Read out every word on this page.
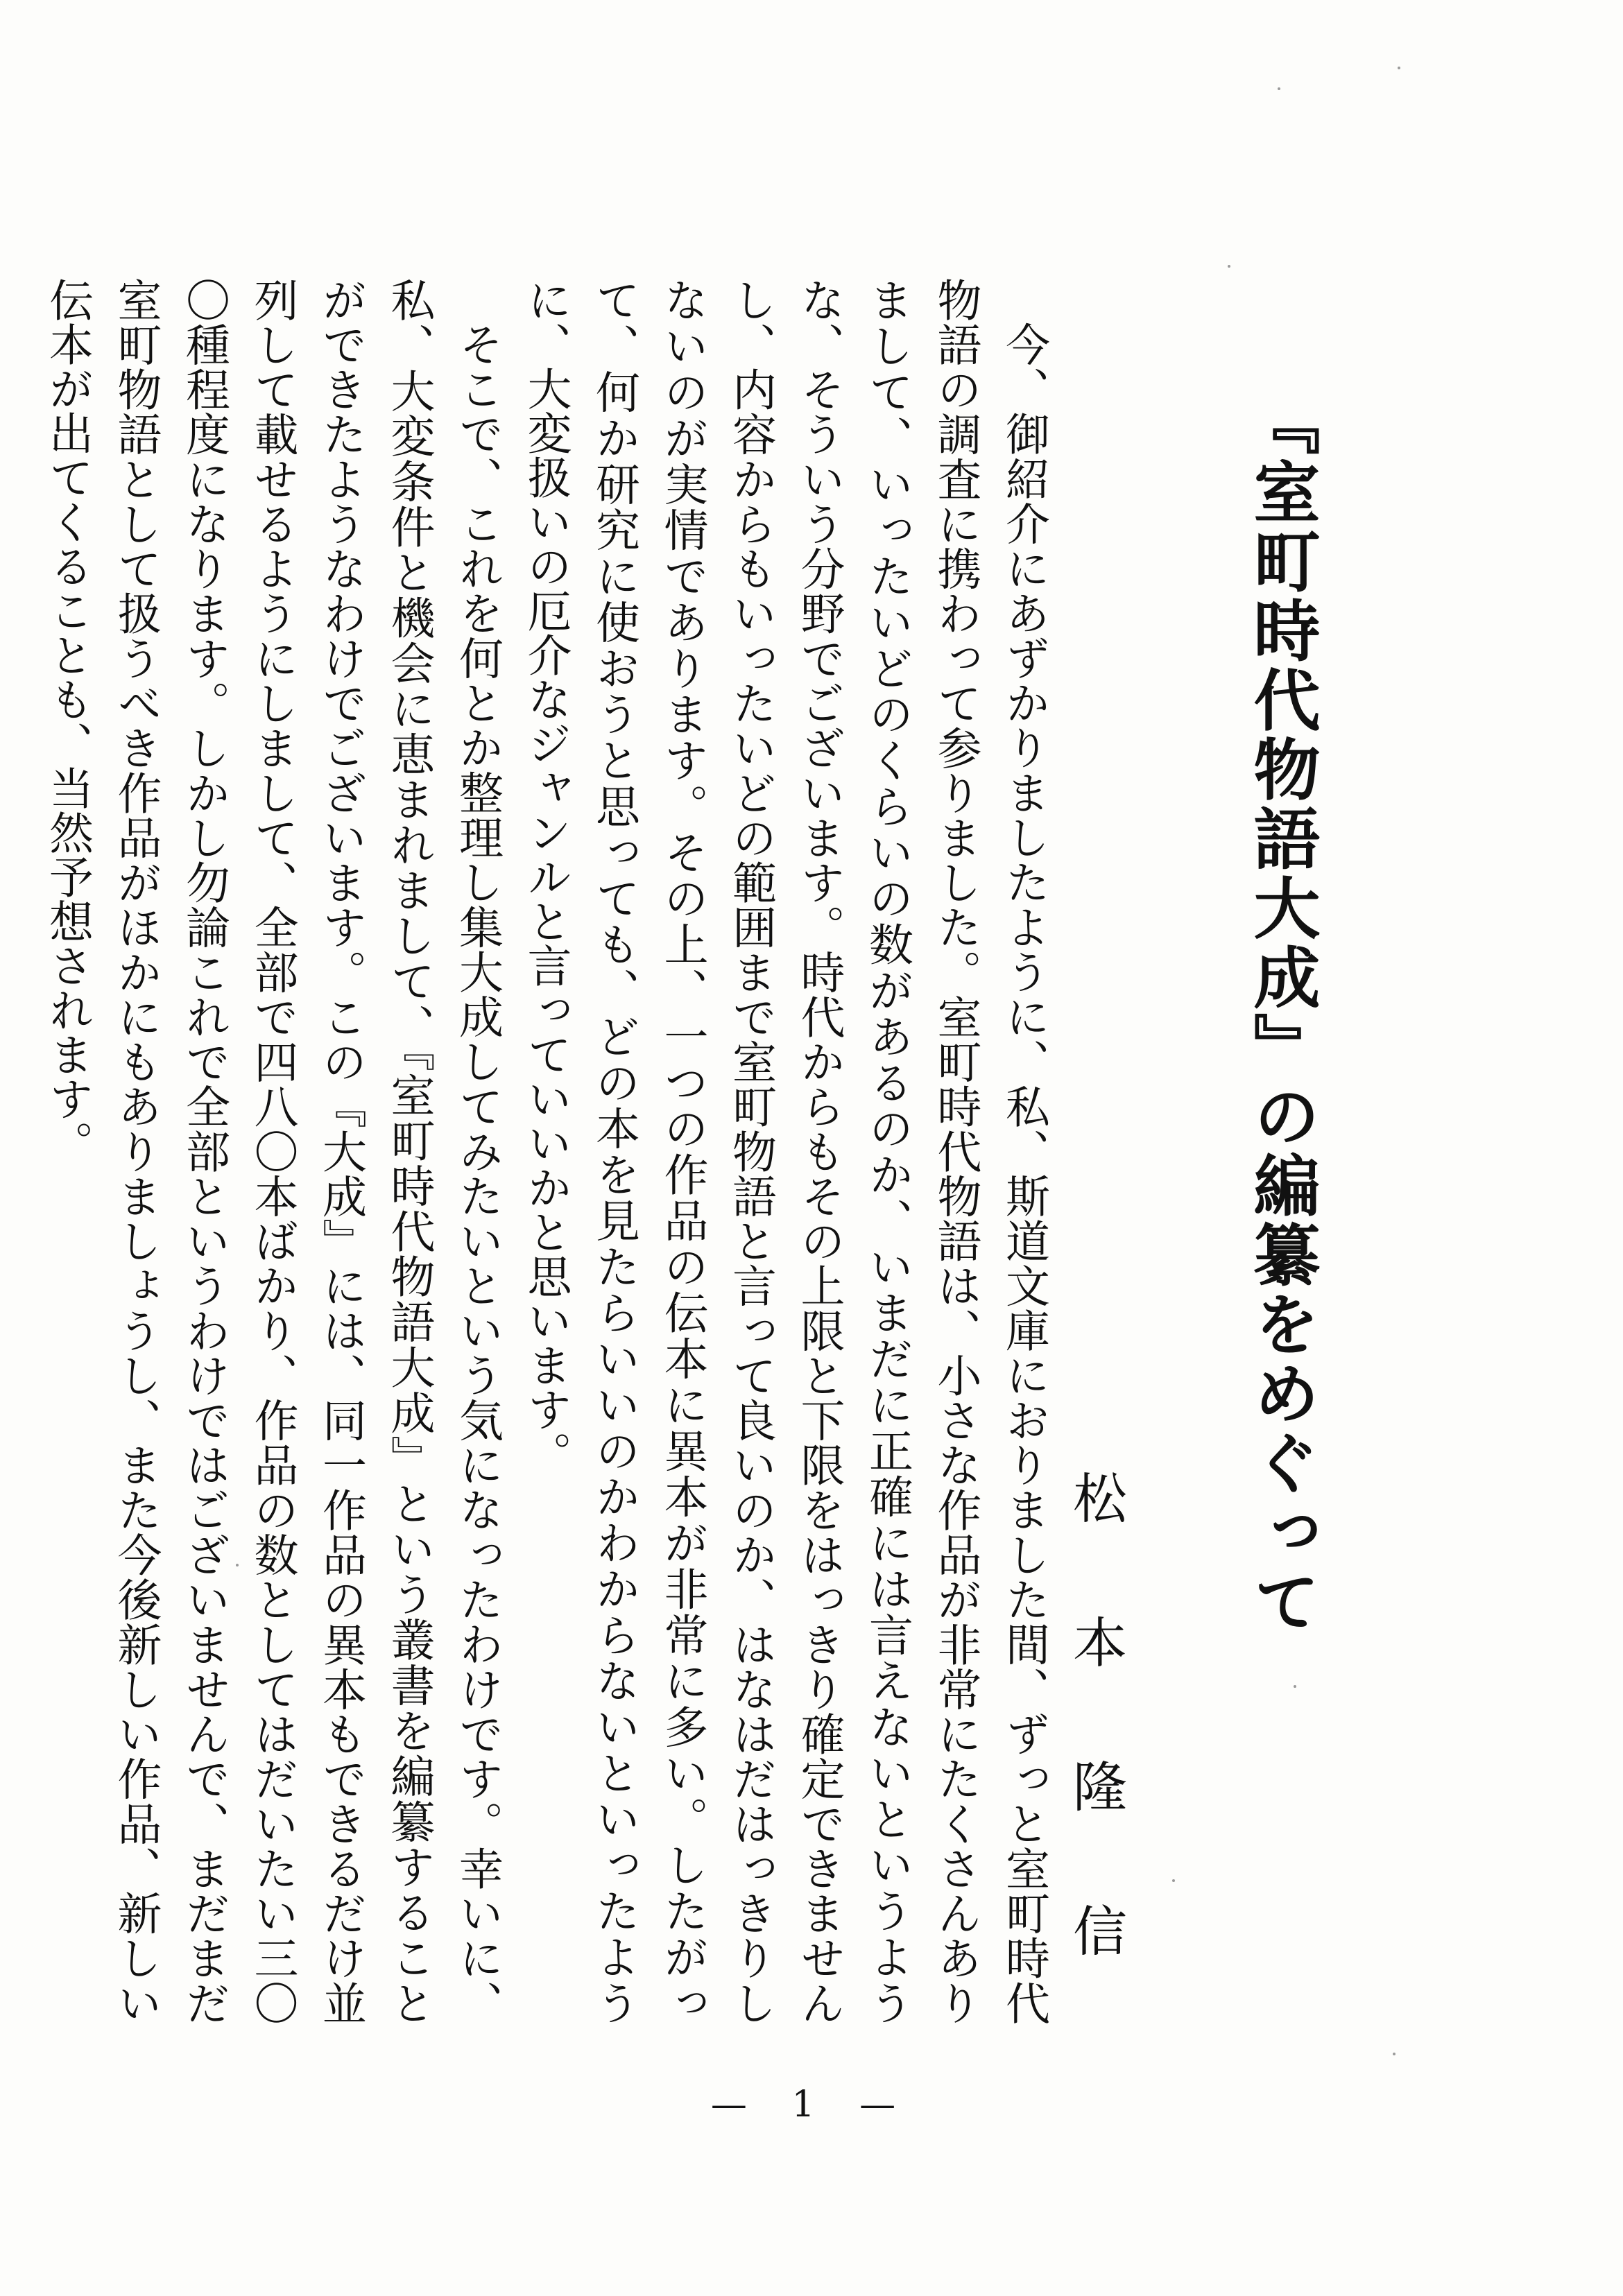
『室町時代物語大成』の編纂をめぐって
松本隆信

今、御紹介にあずかりましたように、私、斯道文庫におりました間、ずっと室町時代物語の調査に携わって参りました。室町時代物語は、小さな作品が非常にたくさんありまして、いったいどのくらいの数があるのか、いまだに正確には言えないというような、そういう分野でございます。時代からもその上限と下限をはっきり確定できませんし、内容からもいったいどの範囲まで室町物語と言って良いのか、はなはだはっきりしないのが実情であります。その上、一つの作品の伝本に異本が非常に多い。したがって、何か研究に使おうと思っても、どの本を見たらいいのかわからないといったように、大変扱いの厄介なジャンルと言っていいかと思います。

そこで、これを何とか整理し集大成してみたいという気になったわけです。幸いに、私、大変条件と機会に恵まれまして、『室町時代物語大成』という叢書を編纂することができたようなわけでございます。この『大成』には、同一作品の異本もできるだけ並列して載せるようにしまして、全部で四八〇本ばかり、作品の数としてはだいたい三〇〇種程度になります。しかし勿論これで全部というわけではございませんで、まだまだ室町物語として扱うべき作品がほかにもありましょうし、また今後新しい作品、新しい伝本が出てくることも、当然予想されます。

— 1 —
